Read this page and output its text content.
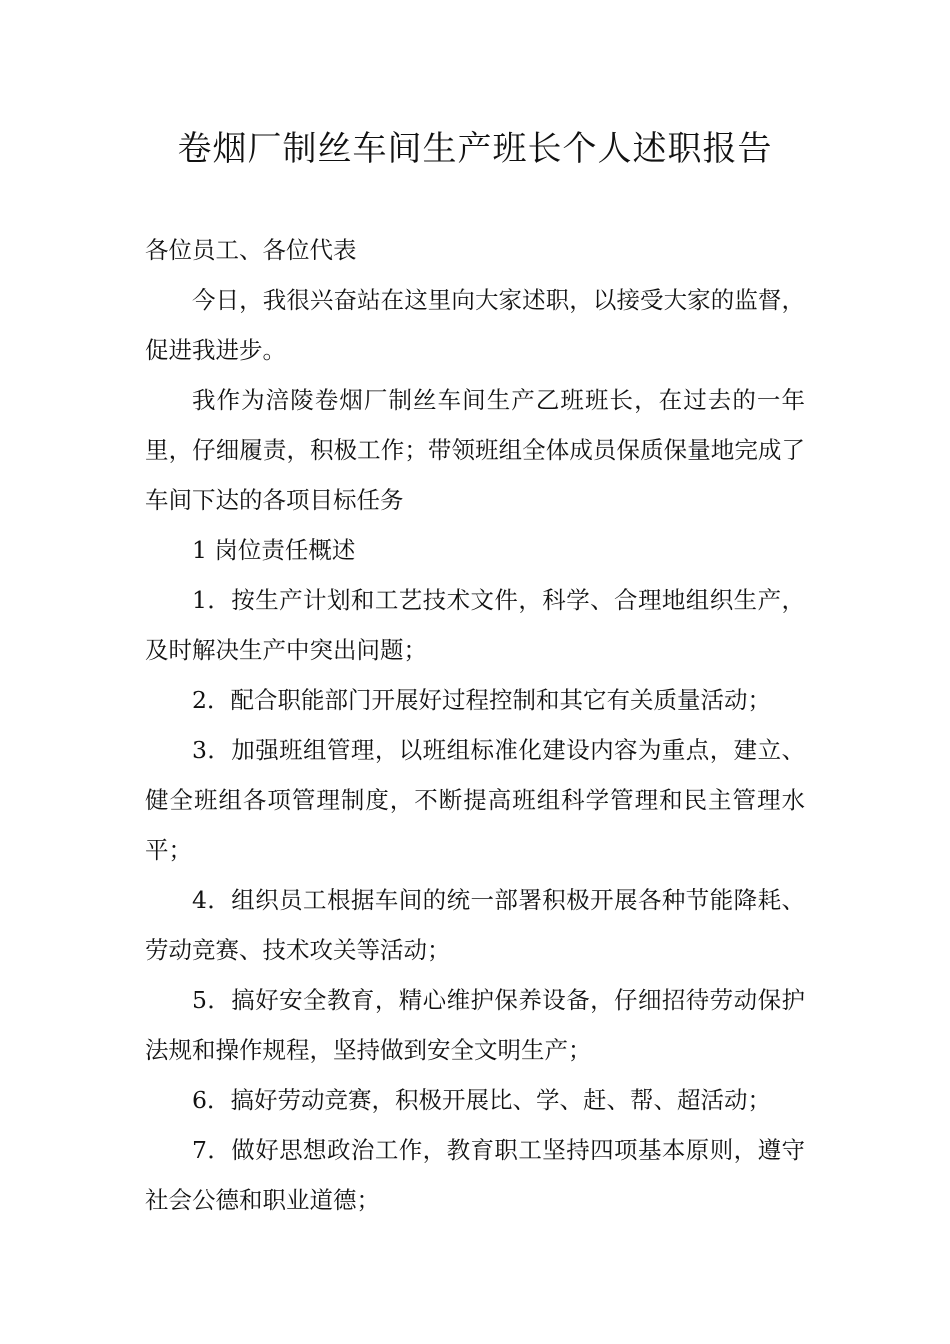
卷烟厂制丝车间生产班长个人述职报告

各位员工、各位代表

今日，我很兴奋站在这里向大家述职，以接受大家的监督，促进我进步。

我作为涪陵卷烟厂制丝车间生产乙班班长，在过去的一年里，仔细履责，积极工作；带领班组全体成员保质保量地完成了车间下达的各项目标任务

1 岗位责任概述

1．按生产计划和工艺技术文件，科学、合理地组织生产，及时解决生产中突出问题；

2．配合职能部门开展好过程控制和其它有关质量活动；

3．加强班组管理，以班组标准化建设内容为重点，建立、健全班组各项管理制度，不断提高班组科学管理和民主管理水平；

4．组织员工根据车间的统一部署积极开展各种节能降耗、劳动竞赛、技术攻关等活动；

5．搞好安全教育，精心维护保养设备，仔细招待劳动保护法规和操作规程，坚持做到安全文明生产；

6．搞好劳动竞赛，积极开展比、学、赶、帮、超活动；

7．做好思想政治工作，教育职工坚持四项基本原则，遵守社会公德和职业道德；
